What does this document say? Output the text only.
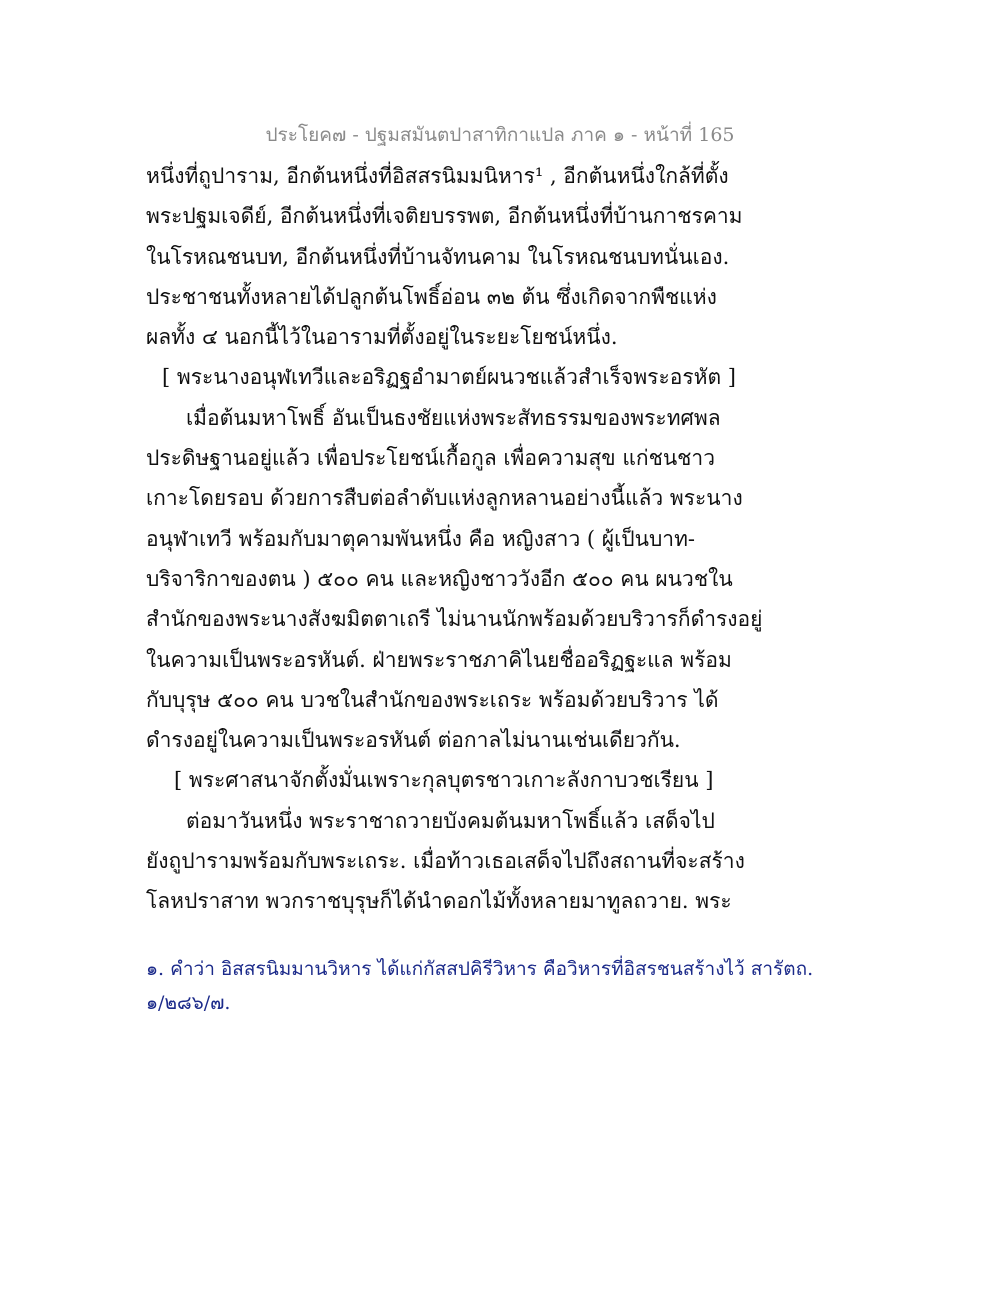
ประโยค๗ - ปฐมสมันตปาสาทิกาแปล ภาค ๑ - หน้าที่ 165
หนึ่งที่ถูปาราม, อีกต้นหนึ่งที่อิสสรนิมมนิหาร¹ , อีกต้นหนึ่งใกล้ที่ตั้ง
พระปฐมเจดีย์, อีกต้นหนึ่งที่เจติยบรรพต, อีกต้นหนึ่งที่บ้านกาชรคาม
ในโรหณชนบท, อีกต้นหนึ่งที่บ้านจัทนคาม ในโรหณชนบทนั่นเอง.
ประชาชนทั้งหลายได้ปลูกต้นโพธิ์อ่อน ๓๒ ต้น ซึ่งเกิดจากพืชแห่ง
ผลทั้ง ๔ นอกนี้ไว้ในอารามที่ตั้งอยู่ในระยะโยชน์หนึ่ง.
[ พระนางอนุฬเทวีและอริฏฐอำมาตย์ผนวชแล้วสำเร็จพระอรหัต ]
เมื่อต้นมหาโพธิ์ อันเป็นธงชัยแห่งพระสัทธรรมของพระทศพล
ประดิษฐานอยู่แล้ว เพื่อประโยชน์เกื้อกูล เพื่อความสุข แก่ชนชาว
เกาะโดยรอบ ด้วยการสืบต่อลำดับแห่งลูกหลานอย่างนี้แล้ว พระนาง
อนุฬาเทวี พร้อมกับมาตุคามพันหนึ่ง คือ หญิงสาว ( ผู้เป็นบาท-
บริจาริกาของตน ) ๕๐๐ คน และหญิงชาววังอีก ๕๐๐ คน ผนวชใน
สำนักของพระนางสังฆมิตตาเถรี ไม่นานนักพร้อมด้วยบริวารก็ดำรงอยู่
ในความเป็นพระอรหันต์. ฝ่ายพระราชภาคิไนยชื่ออริฏฐะแล พร้อม
กับบุรุษ ๕๐๐ คน บวชในสำนักของพระเถระ พร้อมด้วยบริวาร ได้
ดำรงอยู่ในความเป็นพระอรหันต์ ต่อกาลไม่นานเช่นเดียวกัน.
[ พระศาสนาจักตั้งมั่นเพราะกุลบุตรชาวเกาะลังกาบวชเรียน ]
ต่อมาวันหนึ่ง พระราชาถวายบังคมต้นมหาโพธิ์แล้ว เสด็จไป
ยังถูปารามพร้อมกับพระเถระ. เมื่อท้าวเธอเสด็จไปถึงสถานที่จะสร้าง
โลหปราสาท พวกราชบุรุษก็ได้นำดอกไม้ทั้งหลายมาทูลถวาย. พระ
๑. คำว่า อิสสรนิมมานวิหาร ได้แก่กัสสปคิรีวิหาร คือวิหารที่อิสรชนสร้างไว้ สารัตถ.
๑/๒๘๖/๗.
